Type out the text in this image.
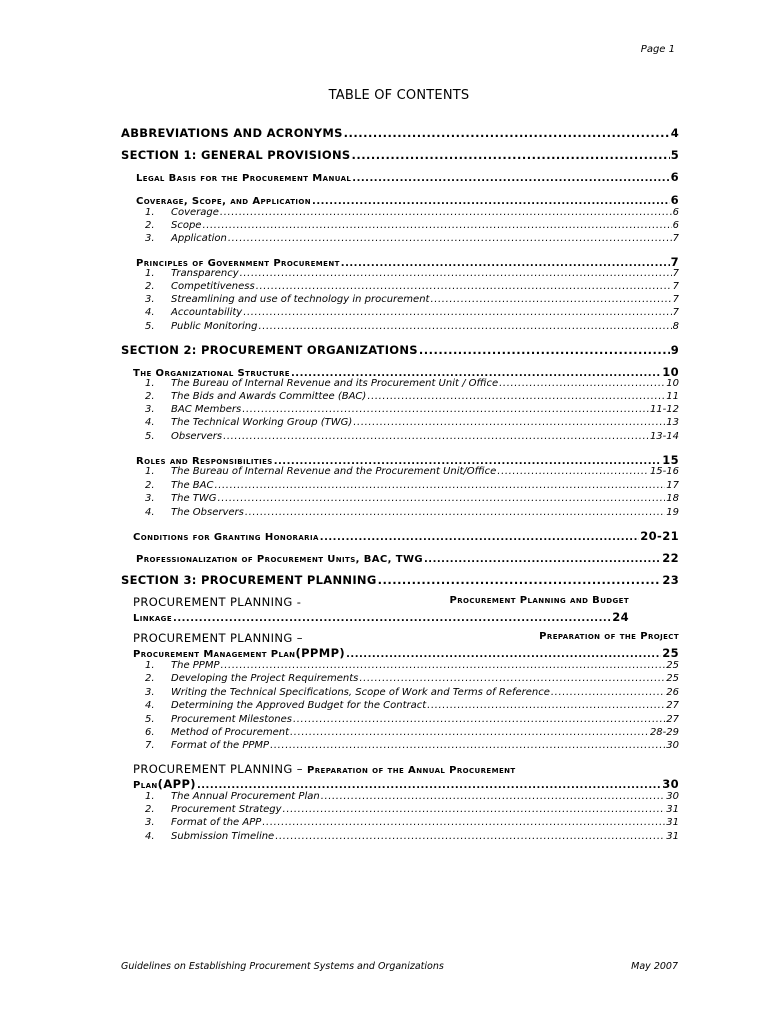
Page 1
TABLE OF CONTENTS
ABBREVIATIONS AND ACRONYMS .....	4
SECTION 1: GENERAL PROVISIONS .....	5
Legal Basis for the Procurement Manual .....	6
Coverage, Scope, and Application .....	6
1.	Coverage .....	6
2.	Scope .....	6
3.	Application .....	7
Principles of Government Procurement .....	7
1.	Transparency .....	7
2.	Competitiveness .....	7
3.	Streamlining and use of technology in procurement .....	7
4.	Accountability .....	7
5.	Public Monitoring .....	8
SECTION 2: PROCUREMENT ORGANIZATIONS .....	9
The Organizational Structure .....	10
1.	The Bureau of Internal Revenue and its Procurement Unit / Office .....	10
2.	The Bids and Awards Committee (BAC) .....	11
3.	BAC Members .....	11-12
4.	The Technical Working Group (TWG) .....	13
5.	Observers .....	13-14
Roles and Responsibilities .....	15
1.	The Bureau of Internal Revenue and the Procurement Unit/Office .....	15-16
2.	The BAC .....	17
3.	The TWG .....	18
4.	The Observers .....	19
Conditions for Granting Honoraria .....	20-21
Professionalization of Procurement Units, BAC, TWG .....	22
SECTION 3: PROCUREMENT PLANNING .....	23
PROCUREMENT PLANNING -	Procurement Planning and Budget
Linkage .....	24
PROCUREMENT PLANNING –	Preparation of the Project
Procurement Management Plan (PPMP) .....	25
1.	The PPMP .....	25
2.	Developing the Project Requirements .....	25
3.	Writing the Technical Specifications, Scope of Work and Terms of Reference .....	26
4.	Determining the Approved Budget for the Contract .....	27
5.	Procurement Milestones .....	27
6.	Method of Procurement .....	28-29
7.	Format of the PPMP .....	30
PROCUREMENT PLANNING – Preparation of the Annual Procurement
Plan (APP) .....	30
1.	The Annual Procurement Plan .....	30
2.	Procurement Strategy .....	31
3.	Format of the APP .....	31
4.	Submission Timeline .....	31
Guidelines on Establishing Procurement Systems and Organizations	May 2007
